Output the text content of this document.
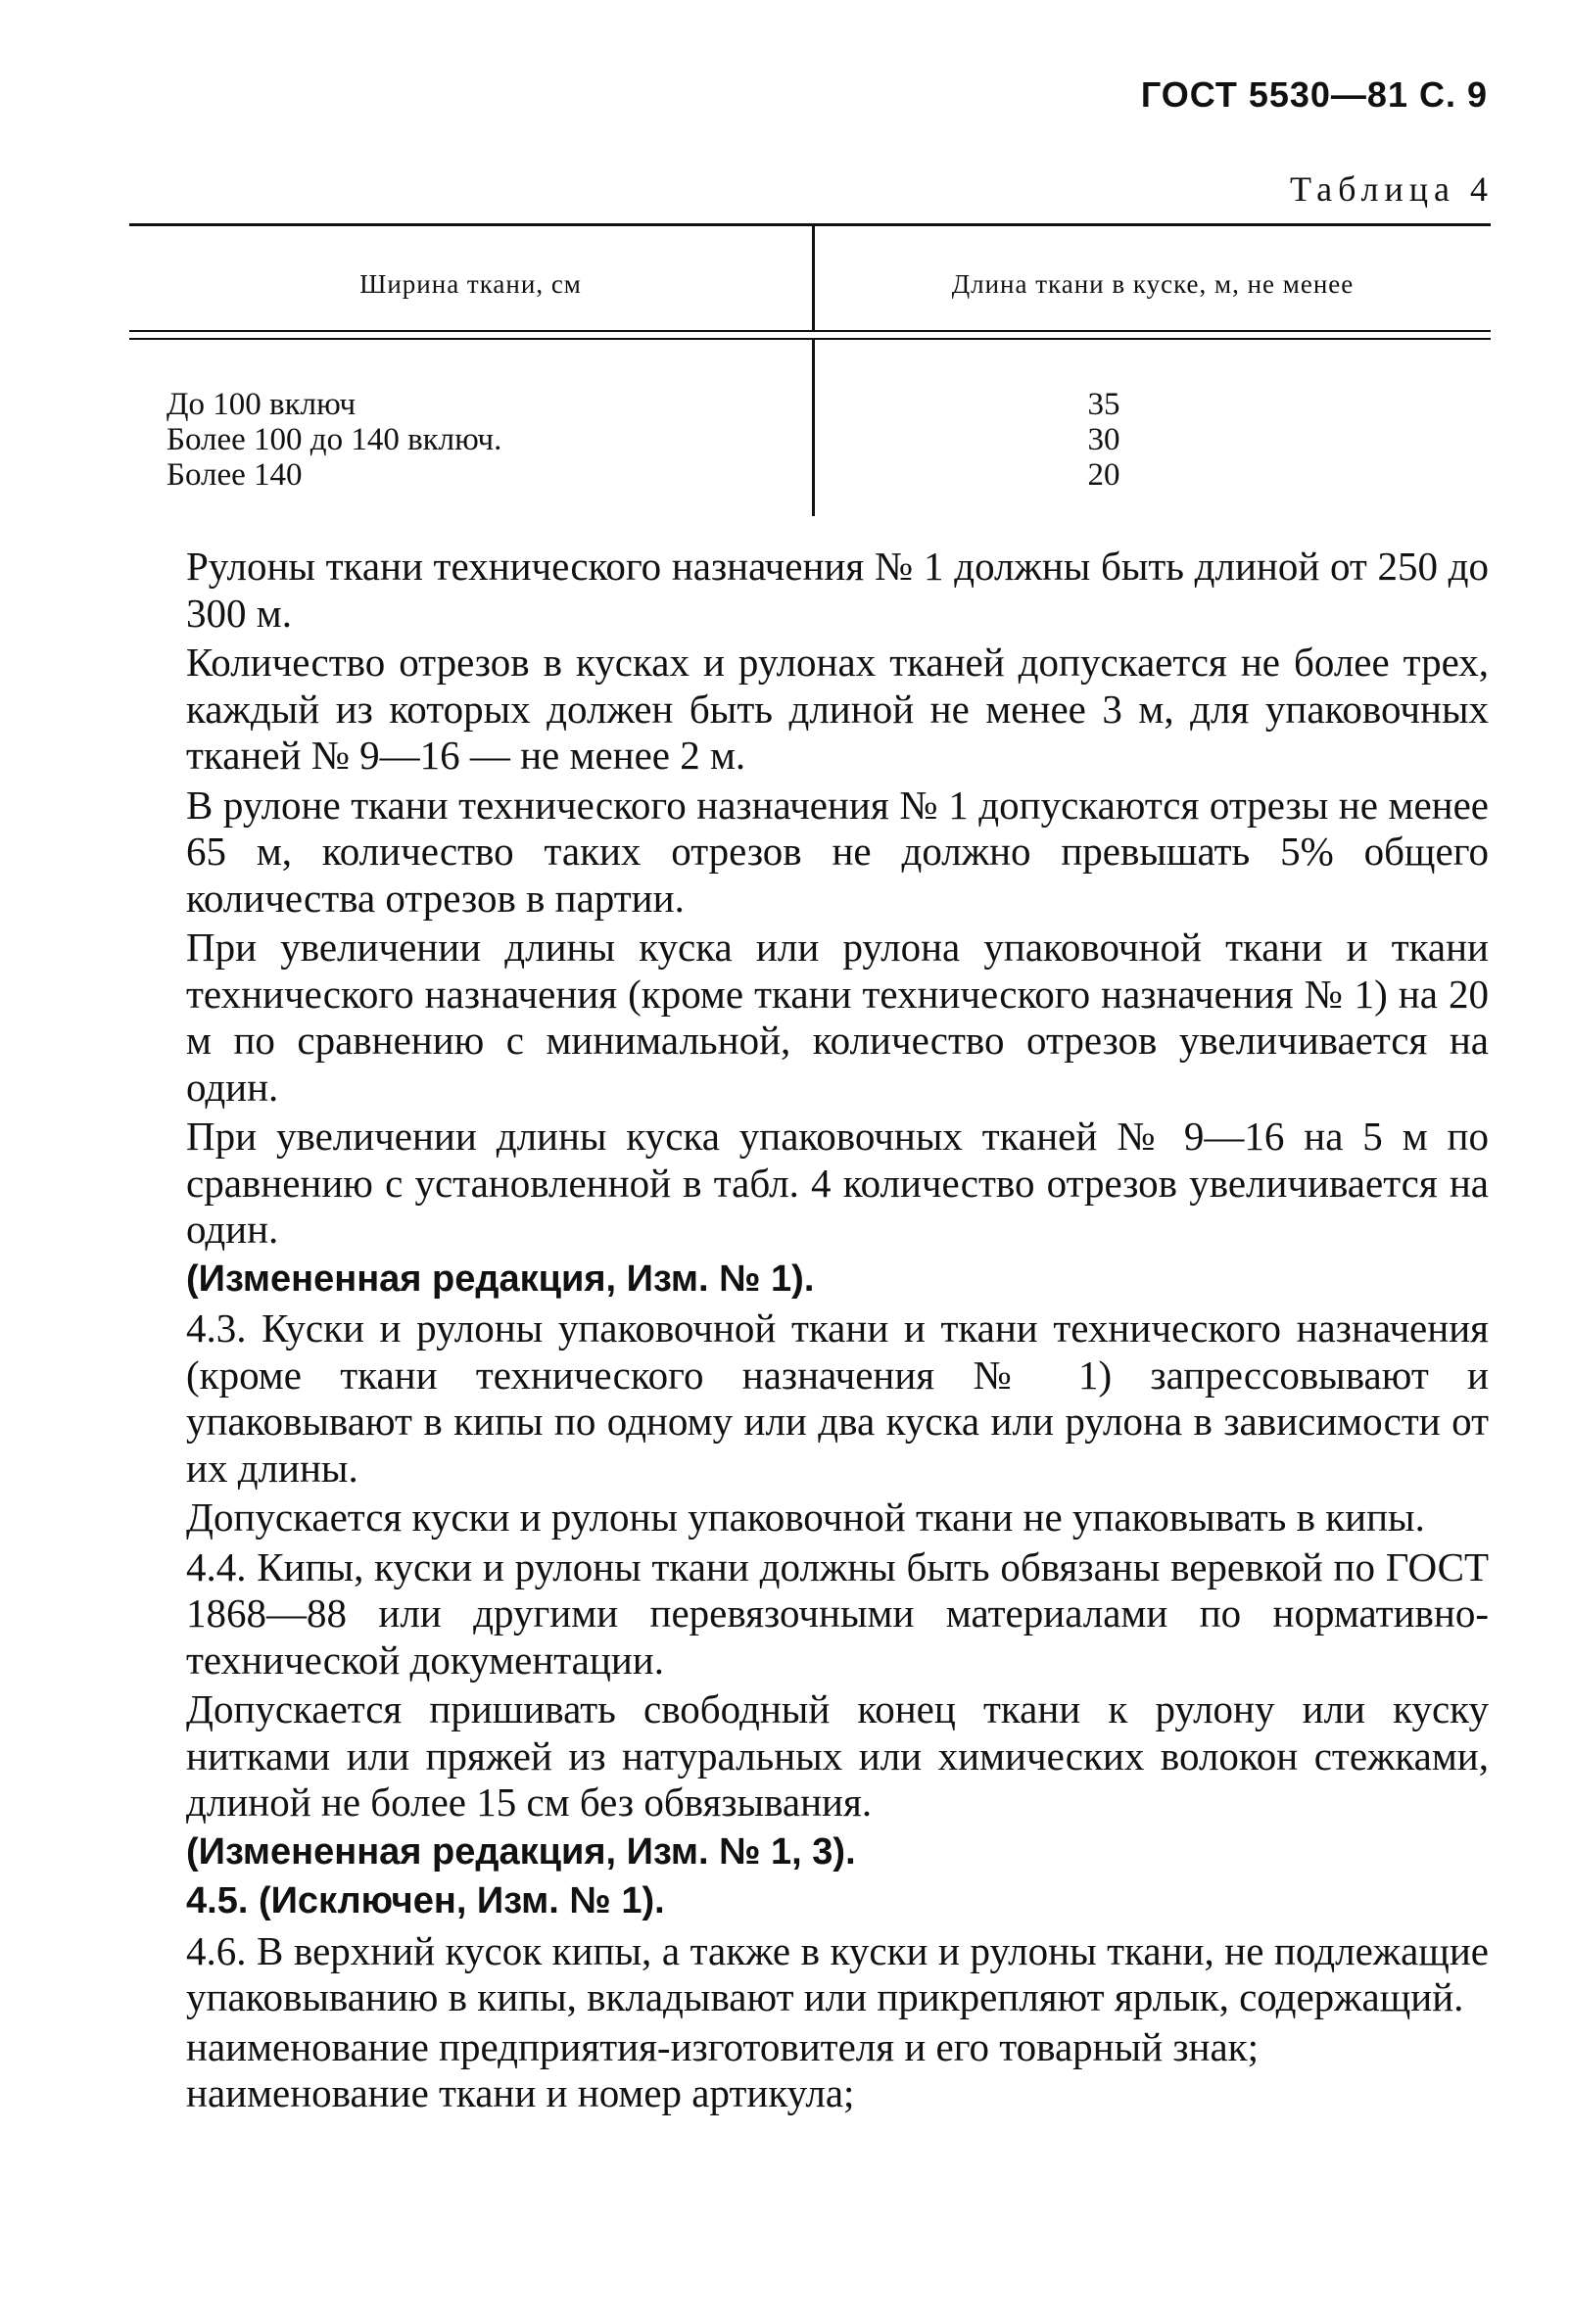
ГОСТ 5530—81 С. 9
Таблица 4
Ширина ткани, см	Длина ткани в куске, м, не менее
До 100 включ
Более 100 до 140 включ.
Более 140
35
30
20

Рулоны ткани технического назначения № 1 должны быть длиной от 250 до 300 м.

Количество отрезов в кусках и рулонах тканей допускается не более трех, каждый из которых должен быть длиной не менее 3 м, для упаковочных тканей № 9—16 — не менее 2 м.

В рулоне ткани технического назначения № 1 допускаются отрезы не менее 65 м, количество таких отрезов не должно превышать 5% общего количества отрезов в партии.

При увеличении длины куска или рулона упаковочной ткани и ткани технического назначения (кроме ткани технического назначения № 1) на 20 м по сравнению с минимальной, количество отрезов увеличивается на один.

При увеличении длины куска упаковочных тканей № 9—16 на 5 м по сравнению с установленной в табл. 4 количество отрезов увеличивается на один.

(Измененная редакция, Изм. № 1).

4.3. Куски и рулоны упаковочной ткани и ткани технического назначения (кроме ткани технического назначения № 1) запрессовывают и упаковывают в кипы по одному или два куска или рулона в зависимости от их длины.

Допускается куски и рулоны упаковочной ткани не упаковывать в кипы.

4.4. Кипы, куски и рулоны ткани должны быть обвязаны веревкой по ГОСТ 1868—88 или другими перевязочными материалами по нормативно-технической документации.

Допускается пришивать свободный конец ткани к рулону или куску нитками или пряжей из натуральных или химических волокон стежками, длиной не более 15 см без обвязывания.

(Измененная редакция, Изм. № 1, 3).

4.5. (Исключен, Изм. № 1).

4.6. В верхний кусок кипы, а также в куски и рулоны ткани, не подлежащие упаковыванию в кипы, вкладывают или прикрепляют ярлык, содержащий.

наименование предприятия-изготовителя и его товарный знак;

наименование ткани и номер артикула;
